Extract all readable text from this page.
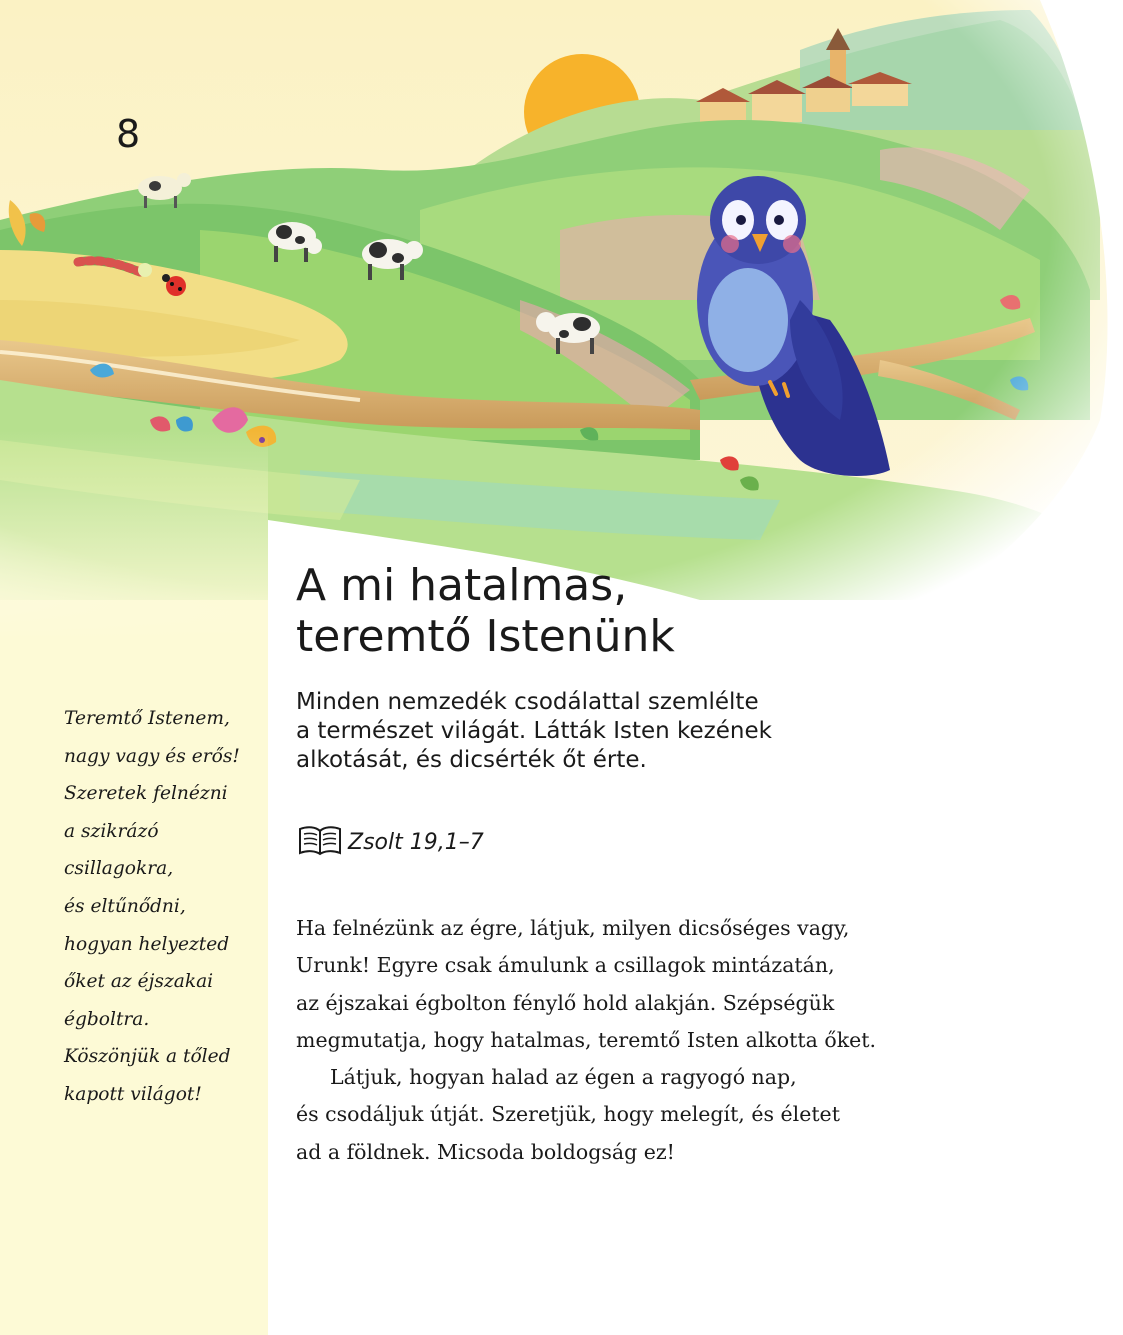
8
A mi hatalmas,
teremtő Istenünk

Minden nemzedék csodálattal szemlélte
a természet világát. Látták Isten kezének
alkotását, és dicsérték őt érte.

Zsolt 19,1–7
Ha felnézünk az égre, látjuk, milyen dicsőséges vagy,
Urunk! Egyre csak ámulunk a csillagok mintázatán,
az éjszakai égbolton fénylő hold alakján. Szépségük
megmutatja, hogy hatalmas, teremtő Isten alkotta őket.
Látjuk, hogyan halad az égen a ragyogó nap,
és csodáljuk útját. Szeretjük, hogy melegít, és életet
ad a földnek. Micsoda boldogság ez!
Teremtő Istenem,
nagy vagy és erős!
Szeretek felnézni
a szikrázó
csillagokra,
és eltűnődni,
hogyan helyezted
őket az éjszakai
égboltra.
Köszönjük a tőled
kapott világot!
